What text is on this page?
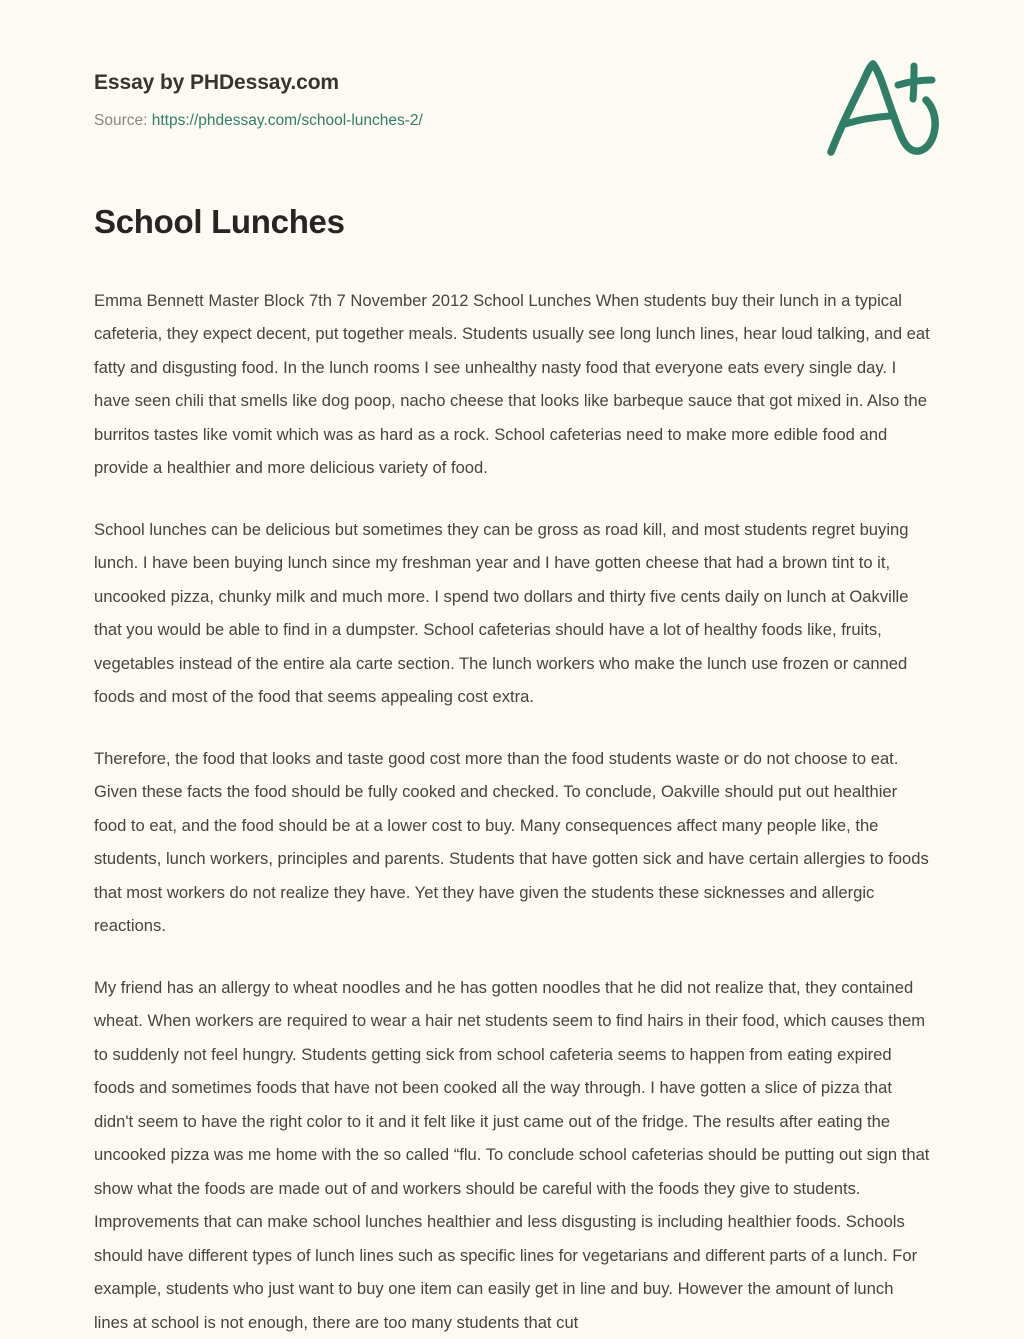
Essay by PHDessay.com
Source: https://phdessay.com/school-lunches-2/
School Lunches

Emma Bennett Master Block 7th 7 November 2012 School Lunches When students buy their lunch in a typical cafeteria, they expect decent, put together meals. Students usually see long lunch lines, hear loud talking, and eat fatty and disgusting food. In the lunch rooms I see unhealthy nasty food that everyone eats every single day. I have seen chili that smells like dog poop, nacho cheese that looks like barbeque sauce that got mixed in. Also the burritos tastes like vomit which was as hard as a rock. School cafeterias need to make more edible food and provide a healthier and more delicious variety of food.

School lunches can be delicious but sometimes they can be gross as road kill, and most students regret buying lunch. I have been buying lunch since my freshman year and I have gotten cheese that had a brown tint to it, uncooked pizza, chunky milk and much more. I spend two dollars and thirty five cents daily on lunch at Oakville that you would be able to find in a dumpster. School cafeterias should have a lot of healthy foods like, fruits, vegetables instead of the entire ala carte section. The lunch workers who make the lunch use frozen or canned foods and most of the food that seems appealing cost extra.

Therefore, the food that looks and taste good cost more than the food students waste or do not choose to eat. Given these facts the food should be fully cooked and checked. To conclude, Oakville should put out healthier food to eat, and the food should be at a lower cost to buy. Many consequences affect many people like, the students, lunch workers, principles and parents. Students that have gotten sick and have certain allergies to foods that most workers do not realize they have. Yet they have given the students these sicknesses and allergic reactions.

My friend has an allergy to wheat noodles and he has gotten noodles that he did not realize that, they contained wheat. When workers are required to wear a hair net students seem to find hairs in their food, which causes them to suddenly not feel hungry. Students getting sick from school cafeteria seems to happen from eating expired foods and sometimes foods that have not been cooked all the way through. I have gotten a slice of pizza that didn't seem to have the right color to it and it felt like it just came out of the fridge. The results after eating the uncooked pizza was me home with the so called “flu. To conclude school cafeterias should be putting out sign that show what the foods are made out of and workers should be careful with the foods they give to students. Improvements that can make school lunches healthier and less disgusting is including healthier foods. Schools should have different types of lunch lines such as specific lines for vegetarians and different parts of a lunch. For example, students who just want to buy one item can easily get in line and buy. However the amount of lunch lines at school is not enough, there are too many students that cut
